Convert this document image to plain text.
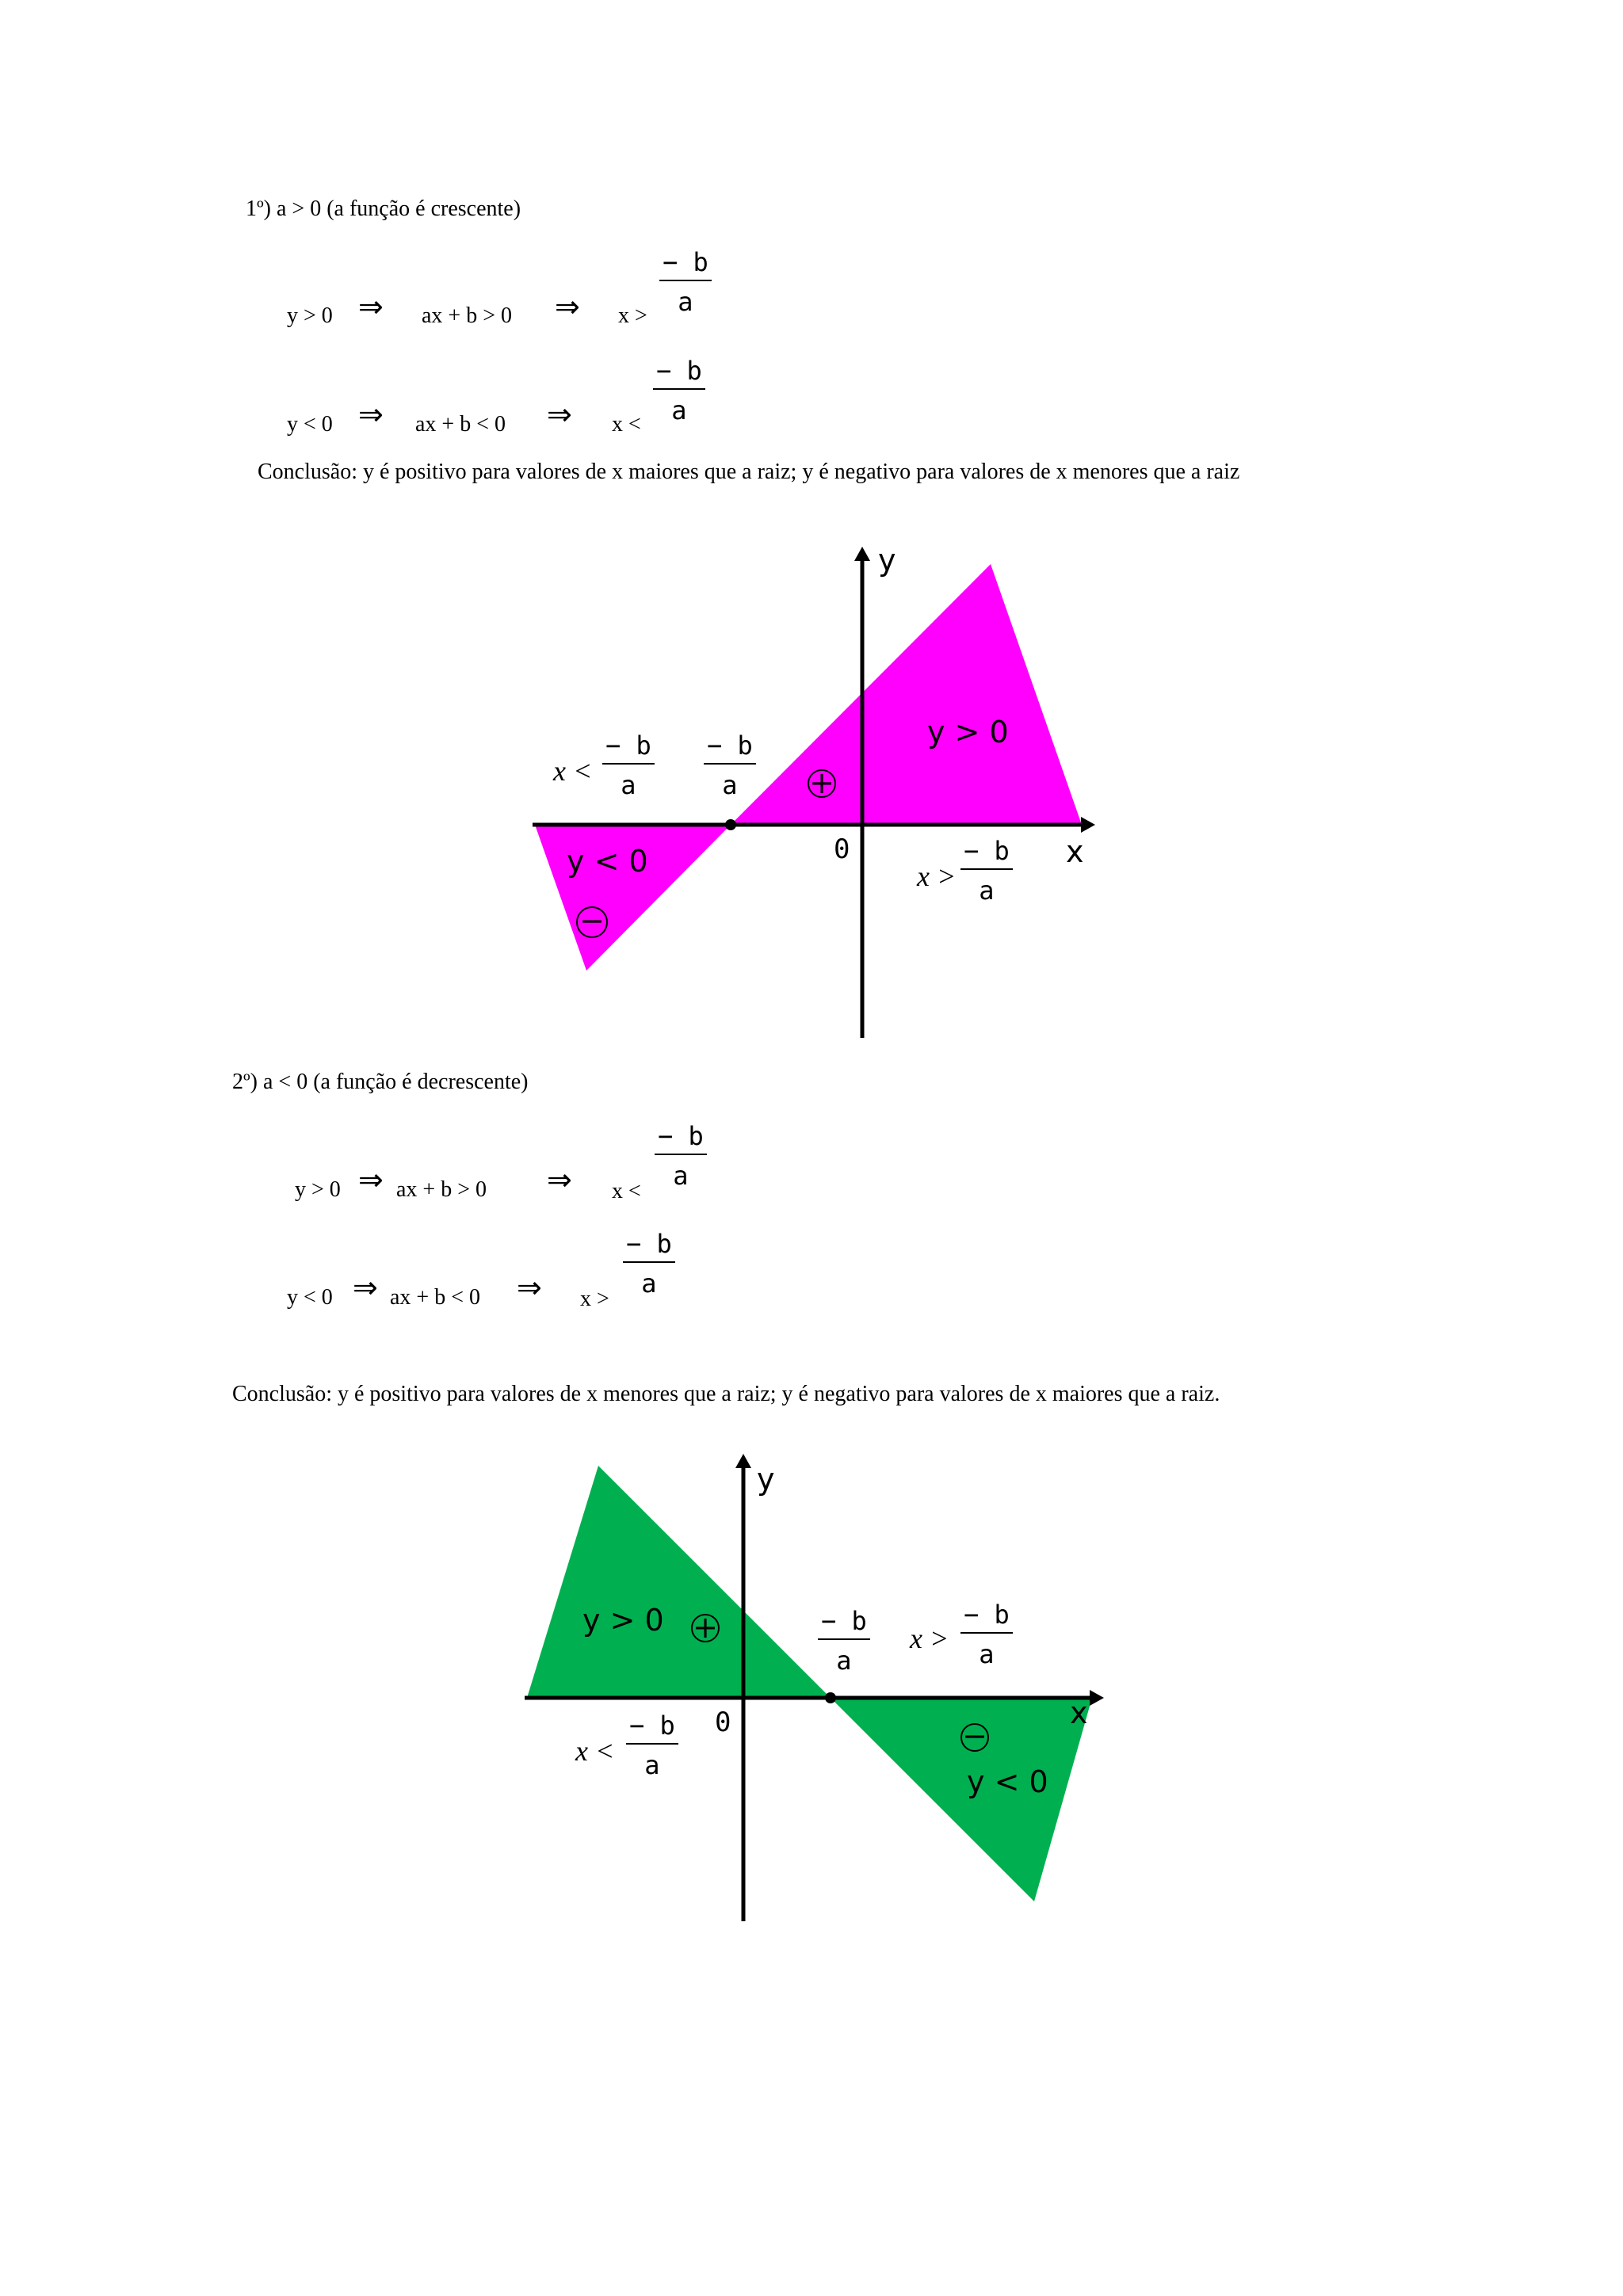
1º) a > 0 (a função é crescente)
y > 0 ⇒ ax + b > 0 ⇒ x >
$\frac{- b}{a}$
y < 0 ⇒ ax + b < 0 ⇒ x <
$\frac{- b}{a}$
Conclusão: y é positivo para valores de x maiores que a raiz; y é negativo para valores de x menores que a raiz
+
−
y
x
0
y > 0
y < 0
$x < \frac{- b}{a} \frac{- b}{a}$
$x > \frac{- b}{a}$
2º) a < 0 (a função é decrescente)
y > 0 ⇒ ax + b > 0 ⇒ x <
$\frac{- b}{a}$
y < 0 ⇒ ax + b < 0 ⇒ x >
$\frac{- b}{a}$
Conclusão: y é positivo para valores de x menores que a raiz; y é negativo para valores de x maiores que a raiz.
+
−
y
x
0
y > 0
y < 0
$\frac{- b}{a}$ $x > \frac{- b}{a}$
$x < \frac{- b}{a}$
